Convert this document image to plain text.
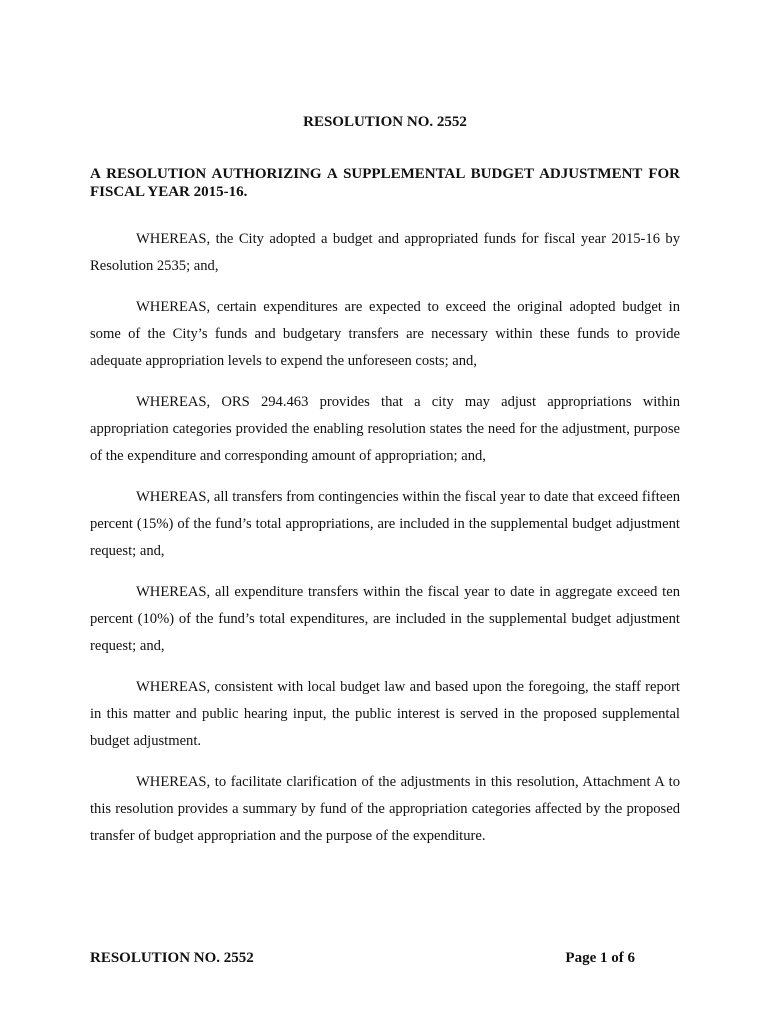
RESOLUTION NO. 2552
A RESOLUTION AUTHORIZING A SUPPLEMENTAL BUDGET ADJUSTMENT FOR FISCAL YEAR 2015-16.

WHEREAS, the City adopted a budget and appropriated funds for fiscal year 2015-16 by Resolution 2535; and,

WHEREAS, certain expenditures are expected to exceed the original adopted budget in some of the City’s funds and budgetary transfers are necessary within these funds to provide adequate appropriation levels to expend the unforeseen costs; and,

WHEREAS, ORS 294.463 provides that a city may adjust appropriations within appropriation categories provided the enabling resolution states the need for the adjustment, purpose of the expenditure and corresponding amount of appropriation; and,

WHEREAS, all transfers from contingencies within the fiscal year to date that exceed fifteen percent (15%) of the fund’s total appropriations, are included in the supplemental budget adjustment request; and,

WHEREAS, all expenditure transfers within the fiscal year to date in aggregate exceed ten percent (10%) of the fund’s total expenditures, are included in the supplemental budget adjustment request; and,

WHEREAS, consistent with local budget law and based upon the foregoing, the staff report in this matter and public hearing input, the public interest is served in the proposed supplemental budget adjustment.

WHEREAS, to facilitate clarification of the adjustments in this resolution, Attachment A to this resolution provides a summary by fund of the appropriation categories affected by the proposed transfer of budget appropriation and the purpose of the expenditure.

RESOLUTION NO. 2552	Page 1 of 6
